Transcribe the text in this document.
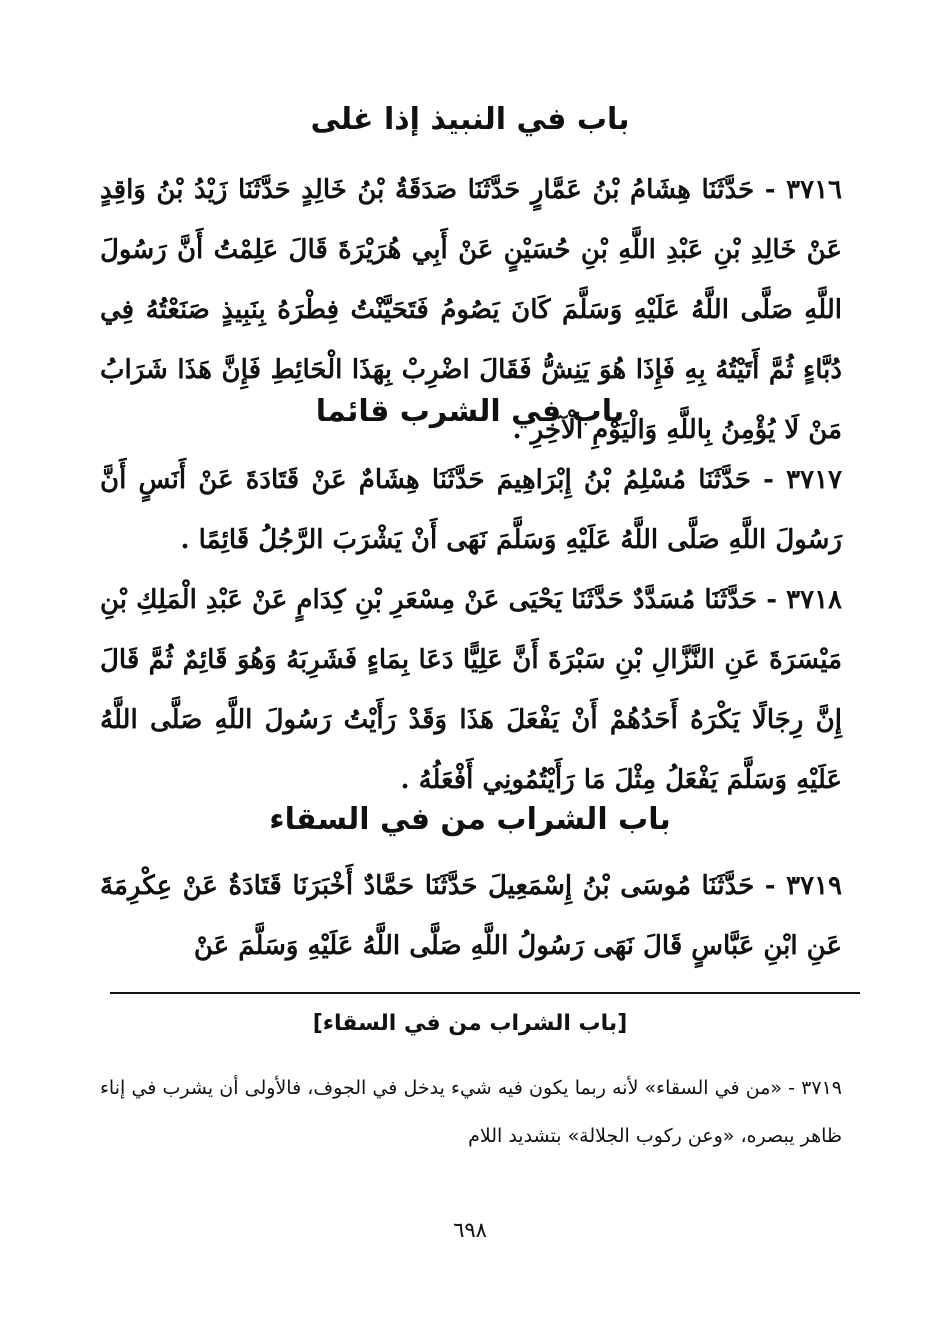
باب في النبيذ إذا غلى
٣٧١٦ - حَدَّثَنَا هِشَامُ بْنُ عَمَّارٍ حَدَّثَنَا صَدَقَةُ بْنُ خَالِدٍ حَدَّثَنَا زَيْدُ بْنُ وَاقِدٍ عَنْ خَالِدِ بْنِ عَبْدِ اللَّهِ بْنِ حُسَيْنٍ عَنْ أَبِي هُرَيْرَةَ قَالَ عَلِمْتُ أَنَّ رَسُولَ اللَّهِ صَلَّى اللَّهُ عَلَيْهِ وَسَلَّمَ كَانَ يَصُومُ فَتَحَيَّنْتُ فِطْرَهُ بِنَبِيذٍ صَنَعْتُهُ فِي دُبَّاءٍ ثُمَّ أَتَيْتُهُ بِهِ فَإِذَا هُوَ يَنِشُّ فَقَالَ اضْرِبْ بِهَذَا الْحَائِطِ فَإِنَّ هَذَا شَرَابُ مَنْ لَا يُؤْمِنُ بِاللَّهِ وَالْيَوْمِ الْآخِرِ .
باب في الشرب قائما
٣٧١٧ - حَدَّثَنَا مُسْلِمُ بْنُ إِبْرَاهِيمَ حَدَّثَنَا هِشَامٌ عَنْ قَتَادَةَ عَنْ أَنَسٍ أَنَّ رَسُولَ اللَّهِ صَلَّى اللَّهُ عَلَيْهِ وَسَلَّمَ نَهَى أَنْ يَشْرَبَ الرَّجُلُ قَائِمًا .
٣٧١٨ - حَدَّثَنَا مُسَدَّدٌ حَدَّثَنَا يَحْيَى عَنْ مِسْعَرِ بْنِ كِدَامٍ عَنْ عَبْدِ الْمَلِكِ بْنِ مَيْسَرَةَ عَنِ النَّزَّالِ بْنِ سَبْرَةَ أَنَّ عَلِيًّا دَعَا بِمَاءٍ فَشَرِبَهُ وَهُوَ قَائِمٌ ثُمَّ قَالَ إِنَّ رِجَالًا يَكْرَهُ أَحَدُهُمْ أَنْ يَفْعَلَ هَذَا وَقَدْ رَأَيْتُ رَسُولَ اللَّهِ صَلَّى اللَّهُ عَلَيْهِ وَسَلَّمَ يَفْعَلُ مِثْلَ مَا رَأَيْتُمُونِي أَفْعَلُهُ .
باب الشراب من في السقاء
٣٧١٩ - حَدَّثَنَا مُوسَى بْنُ إِسْمَعِيلَ حَدَّثَنَا حَمَّادٌ أَخْبَرَنَا قَتَادَةُ عَنْ عِكْرِمَةَ عَنِ ابْنِ عَبَّاسٍ قَالَ نَهَى رَسُولُ اللَّهِ صَلَّى اللَّهُ عَلَيْهِ وَسَلَّمَ عَنْ
[باب الشراب من في السقاء]
٣٧١٩ - «من في السقاء» لأنه ربما يكون فيه شيء يدخل في الجوف، فالأولى أن يشرب في إناء ظاهر يبصره، «وعن ركوب الجلالة» بتشديد اللام
٦٩٨
